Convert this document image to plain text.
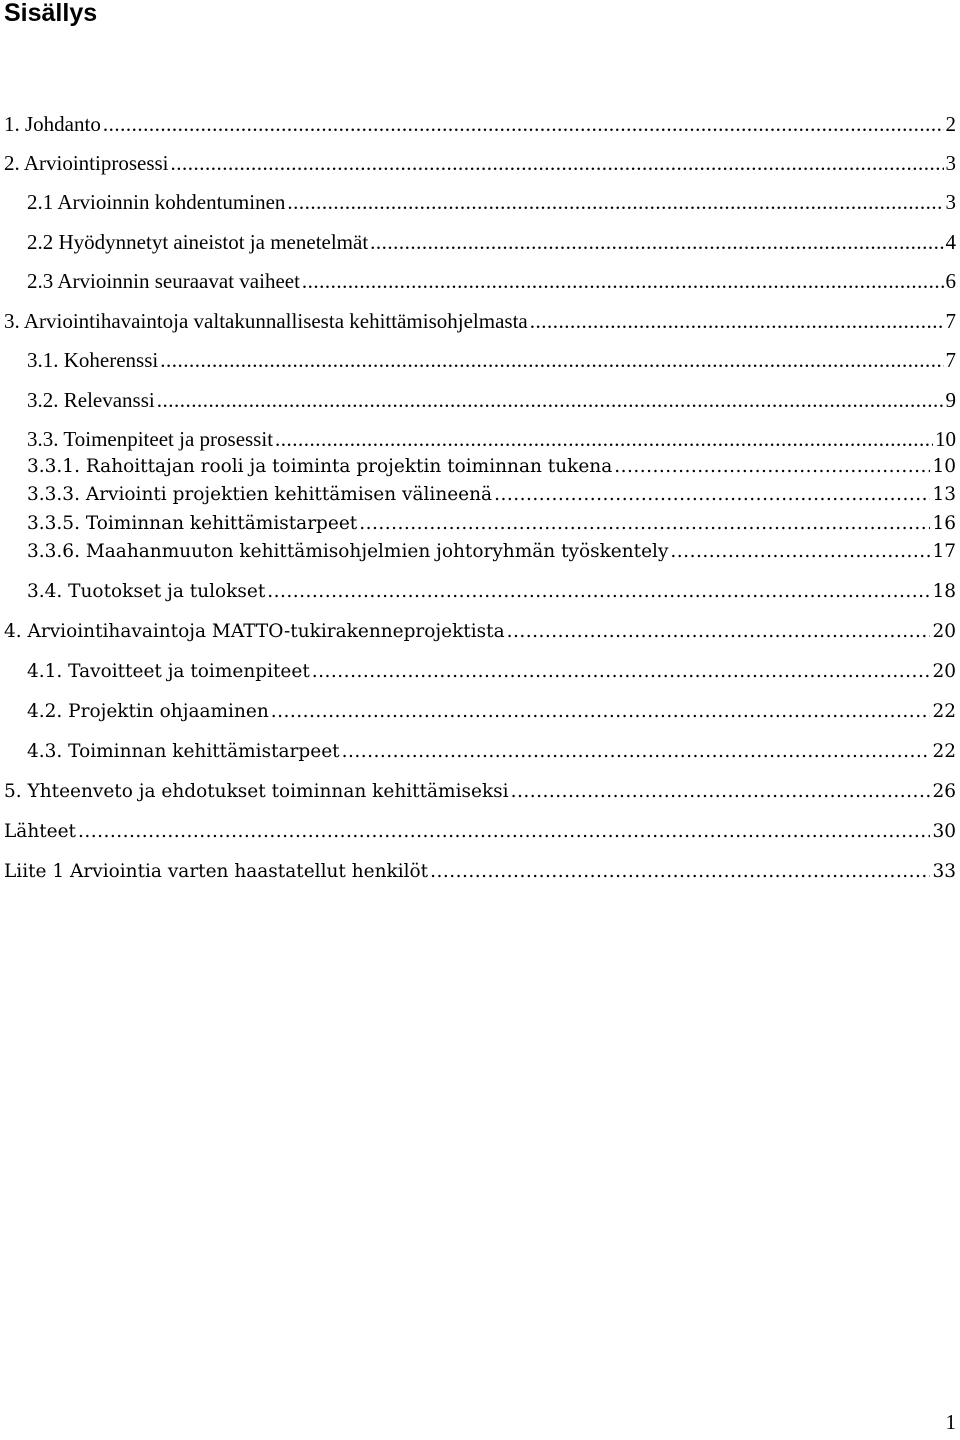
Sisällys
1. Johdanto .....	2
2. Arviointiprosessi .....	3
2.1 Arvioinnin kohdentuminen .....	3
2.2 Hyödynnetyt aineistot ja menetelmät .....	4
2.3 Arvioinnin seuraavat vaiheet .....	6
3. Arviointihavaintoja valtakunnallisesta kehittämisohjelmasta .....	7
3.1. Koherenssi .....	7
3.2. Relevanssi .....	9
3.3. Toimenpiteet ja prosessit .....	10
3.3.1. Rahoittajan rooli ja toiminta projektin toiminnan tukena .....	10
3.3.3. Arviointi projektien kehittämisen välineenä .....	13
3.3.5. Toiminnan kehittämistarpeet .....	16
3.3.6. Maahanmuuton kehittämisohjelmien johtoryhmän työskentely .....	17
3.4. Tuotokset ja tulokset .....	18
4. Arviointihavaintoja MATTO-tukirakenneprojektista .....	20
4.1. Tavoitteet ja toimenpiteet .....	20
4.2. Projektin ohjaaminen .....	22
4.3. Toiminnan kehittämistarpeet .....	22
5. Yhteenveto ja ehdotukset toiminnan kehittämiseksi .....	26
Lähteet .....	30
Liite 1 Arviointia varten haastatellut henkilöt .....	33
1
